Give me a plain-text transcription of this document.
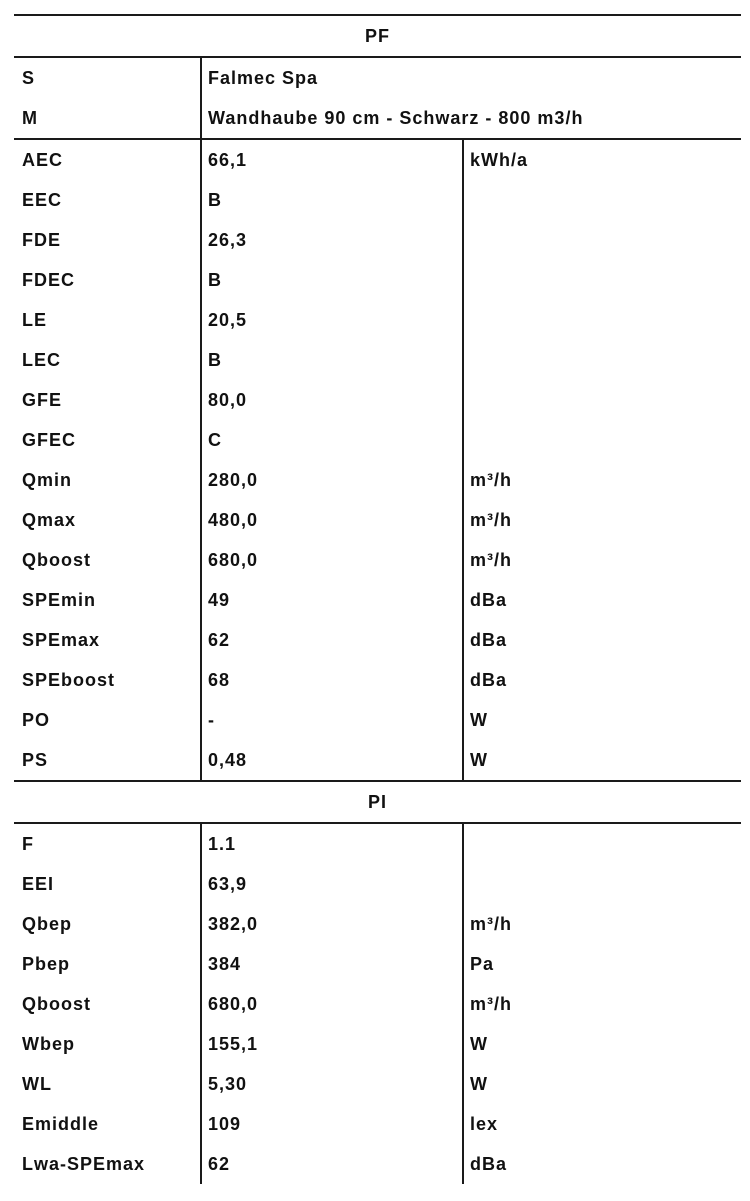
PF
S	Falmec Spa
M	Wandhaube 90 cm - Schwarz - 800 m3/h
AEC	66,1	kWh/a
EEC	B
FDE	26,3
FDEC	B
LE	20,5
LEC	B
GFE	80,0
GFEC	C
Qmin	280,0	m³/h
Qmax	480,0	m³/h
Qboost	680,0	m³/h
SPEmin	49	dBa
SPEmax	62	dBa
SPEboost	68	dBa
PO	-	W
PS	0,48	W
PI
F	1.1
EEI	63,9
Qbep	382,0	m³/h
Pbep	384	Pa
Qboost	680,0	m³/h
Wbep	155,1	W
WL	5,30	W
Emiddle	109	lex
Lwa-SPEmax	62	dBa
